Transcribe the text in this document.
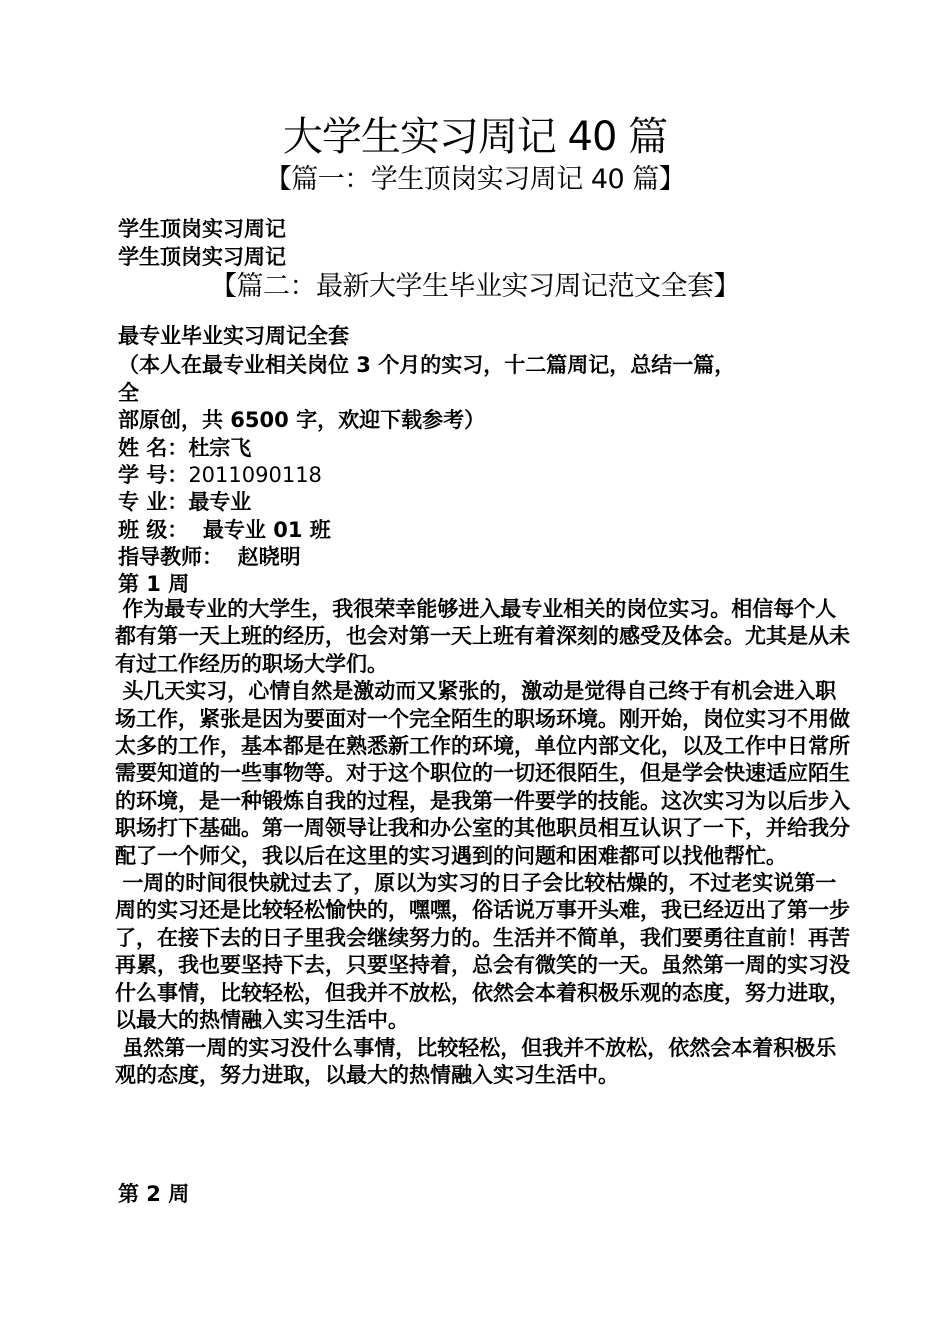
大学生实习周记 40 篇
【篇一：学生顶岗实习周记 40 篇】
学生顶岗实习周记
学生顶岗实习周记
【篇二：最新大学生毕业实习周记范文全套】
最专业毕业实习周记全套
（本人在最专业相关岗位 3 个月的实习，十二篇周记，总结一篇，
全
部原创，共 6500 字，欢迎下载参考）
姓 名：杜宗飞
学 号：2011090118
专 业：最专业
班 级：  最专业 01 班
指导教师：  赵晓明
第 1 周

作为最专业的大学生，我很荣幸能够进入最专业相关的岗位实习。相信每个人都有第一天上班的经历，也会对第一天上班有着深刻的感受及体会。尤其是从未有过工作经历的职场大学们。

头几天实习，心情自然是激动而又紧张的，激动是觉得自己终于有机会进入职场工作，紧张是因为要面对一个完全陌生的职场环境。刚开始，岗位实习不用做太多的工作，基本都是在熟悉新工作的环境，单位内部文化，以及工作中日常所需要知道的一些事物等。对于这个职位的一切还很陌生，但是学会快速适应陌生的环境，是一种锻炼自我的过程，是我第一件要学的技能。这次实习为以后步入职场打下基础。第一周领导让我和办公室的其他职员相互认识了一下，并给我分配了一个师父，我以后在这里的实习遇到的问题和困难都可以找他帮忙。

一周的时间很快就过去了，原以为实习的日子会比较枯燥的，不过老实说第一周的实习还是比较轻松愉快的，嘿嘿，俗话说万事开头难，我已经迈出了第一步了，在接下去的日子里我会继续努力的。生活并不简单，我们要勇往直前！再苦再累，我也要坚持下去，只要坚持着，总会有微笑的一天。虽然第一周的实习没什么事情，比较轻松，但我并不放松，依然会本着积极乐观的态度，努力进取，以最大的热情融入实习生活中。

虽然第一周的实习没什么事情，比较轻松，但我并不放松，依然会本着积极乐观的态度，努力进取，以最大的热情融入实习生活中。

第 2 周
